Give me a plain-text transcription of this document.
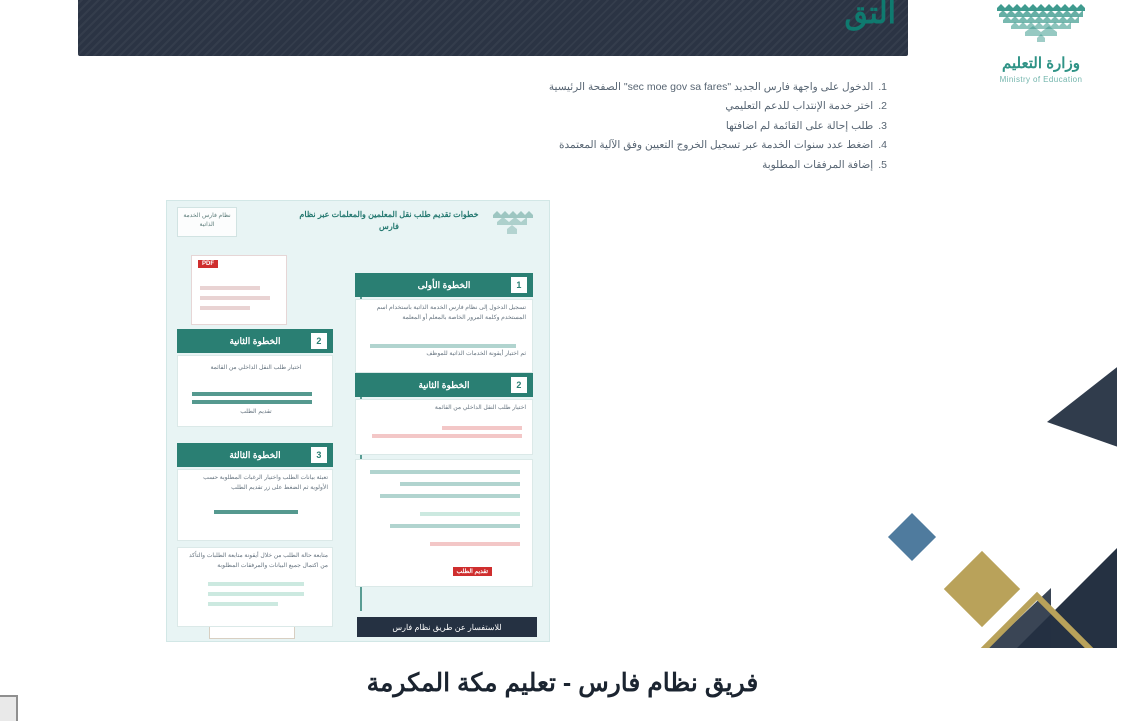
التق
وزارة التعليم
Ministry of Education
1.الدخول على واجهة فارس الجديد "sec moe gov sa fares" الصفحة الرئيسية
2.اختر خدمة الإنتداب للدعم التعليمي
3.طلب إحالة على القائمة لم اضافتها
4.اضغط عدد سنوات الخدمة عبر تسجيل الخروج التعيين وفق الآلية المعتمدة
5.إضافة المرفقات المطلوبة
خطوات تقديم طلب نقل المعلمين والمعلمات عبر نظام فارس
نظام فارس الخدمة الذاتية
1
الخطوة الأولى
تسجيل الدخول إلى نظام فارس الخدمة الذاتية باستخدام اسم المستخدم وكلمة المرور الخاصة بالمعلم أو المعلمة
ثم اختيار أيقونة الخدمات الذاتية للموظف
2
الخطوة الثانية
اختيار طلب النقل الداخلي من القائمة
تقديم الطلب
PDF
2
الخطوة الثانية
اختيار طلب النقل الداخلي من القائمة
تقديم الطلب
3
الخطوة الثالثة
تعبئة بيانات الطلب واختيار الرغبات المطلوبة حسب الأولوية ثم الضغط على زر تقديم الطلب
متابعة حالة الطلب من خلال أيقونة متابعة الطلبات والتأكد من اكتمال جميع البيانات والمرفقات المطلوبة
للاستفسار عن طريق نظام فارس
فريق نظام فارس - تعليم مكة المكرمة
